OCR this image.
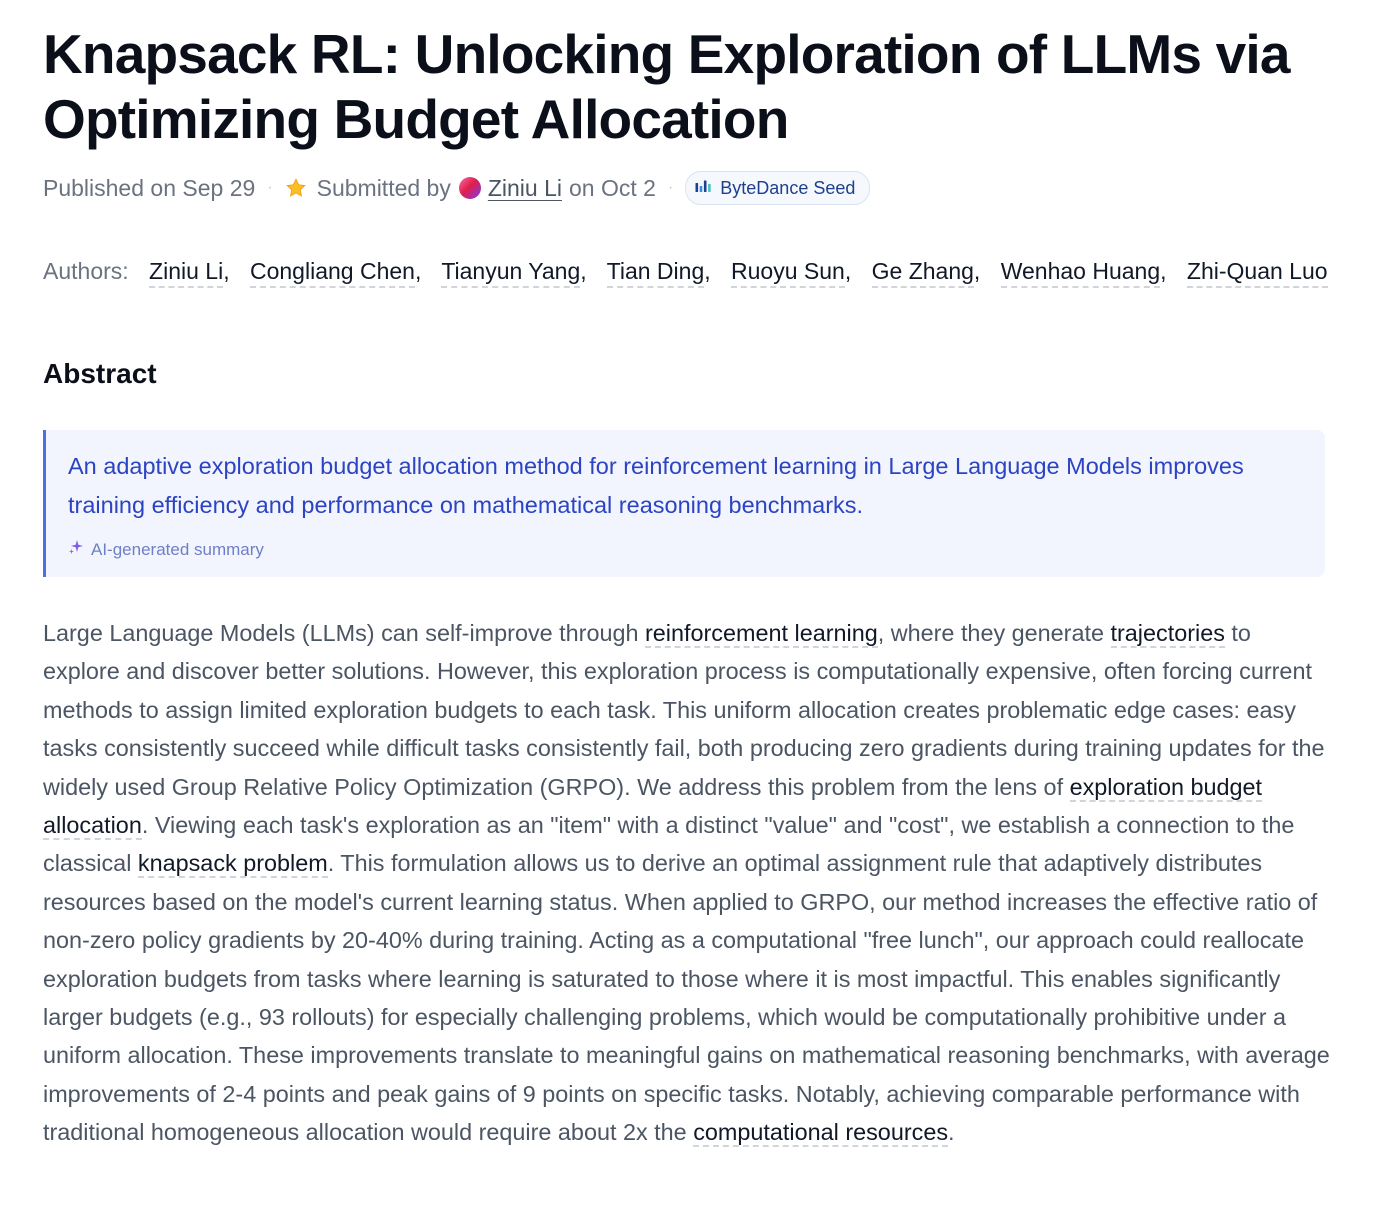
Knapsack RL: Unlocking Exploration of LLMs via
Optimizing Budget Allocation
Published on Sep 29 · Submitted by Ziniu Li on Oct 2 ·	ByteDance Seed
Authors: Ziniu Li, Congliang Chen, Tianyun Yang, Tian Ding, Ruoyu Sun, Ge Zhang, Wenhao Huang, Zhi-Quan Luo
Abstract

An adaptive exploration budget allocation method for reinforcement learning in Large Language Models improves training efficiency and performance on mathematical reasoning benchmarks.

AI-generated summary
Large Language Models (LLMs) can self-improve through reinforcement learning, where they generate trajectories to explore and discover better solutions. However, this exploration process is computationally expensive, often forcing current methods to assign limited exploration budgets to each task. This uniform allocation creates problematic edge cases: easy tasks consistently succeed while difficult tasks consistently fail, both producing zero gradients during training updates for the widely used Group Relative Policy Optimization (GRPO). We address this problem from the lens of exploration budget allocation. Viewing each task's exploration as an "item" with a distinct "value" and "cost", we establish a connection to the classical knapsack problem. This formulation allows us to derive an optimal assignment rule that adaptively distributes resources based on the model's current learning status. When applied to GRPO, our method increases the effective ratio of non-zero policy gradients by 20-40% during training. Acting as a computational "free lunch", our approach could reallocate exploration budgets from tasks where learning is saturated to those where it is most impactful. This enables significantly larger budgets (e.g., 93 rollouts) for especially challenging problems, which would be computationally prohibitive under a uniform allocation. These improvements translate to meaningful gains on mathematical reasoning benchmarks, with average improvements of 2-4 points and peak gains of 9 points on specific tasks. Notably, achieving comparable performance with traditional homogeneous allocation would require about 2x the computational resources.
